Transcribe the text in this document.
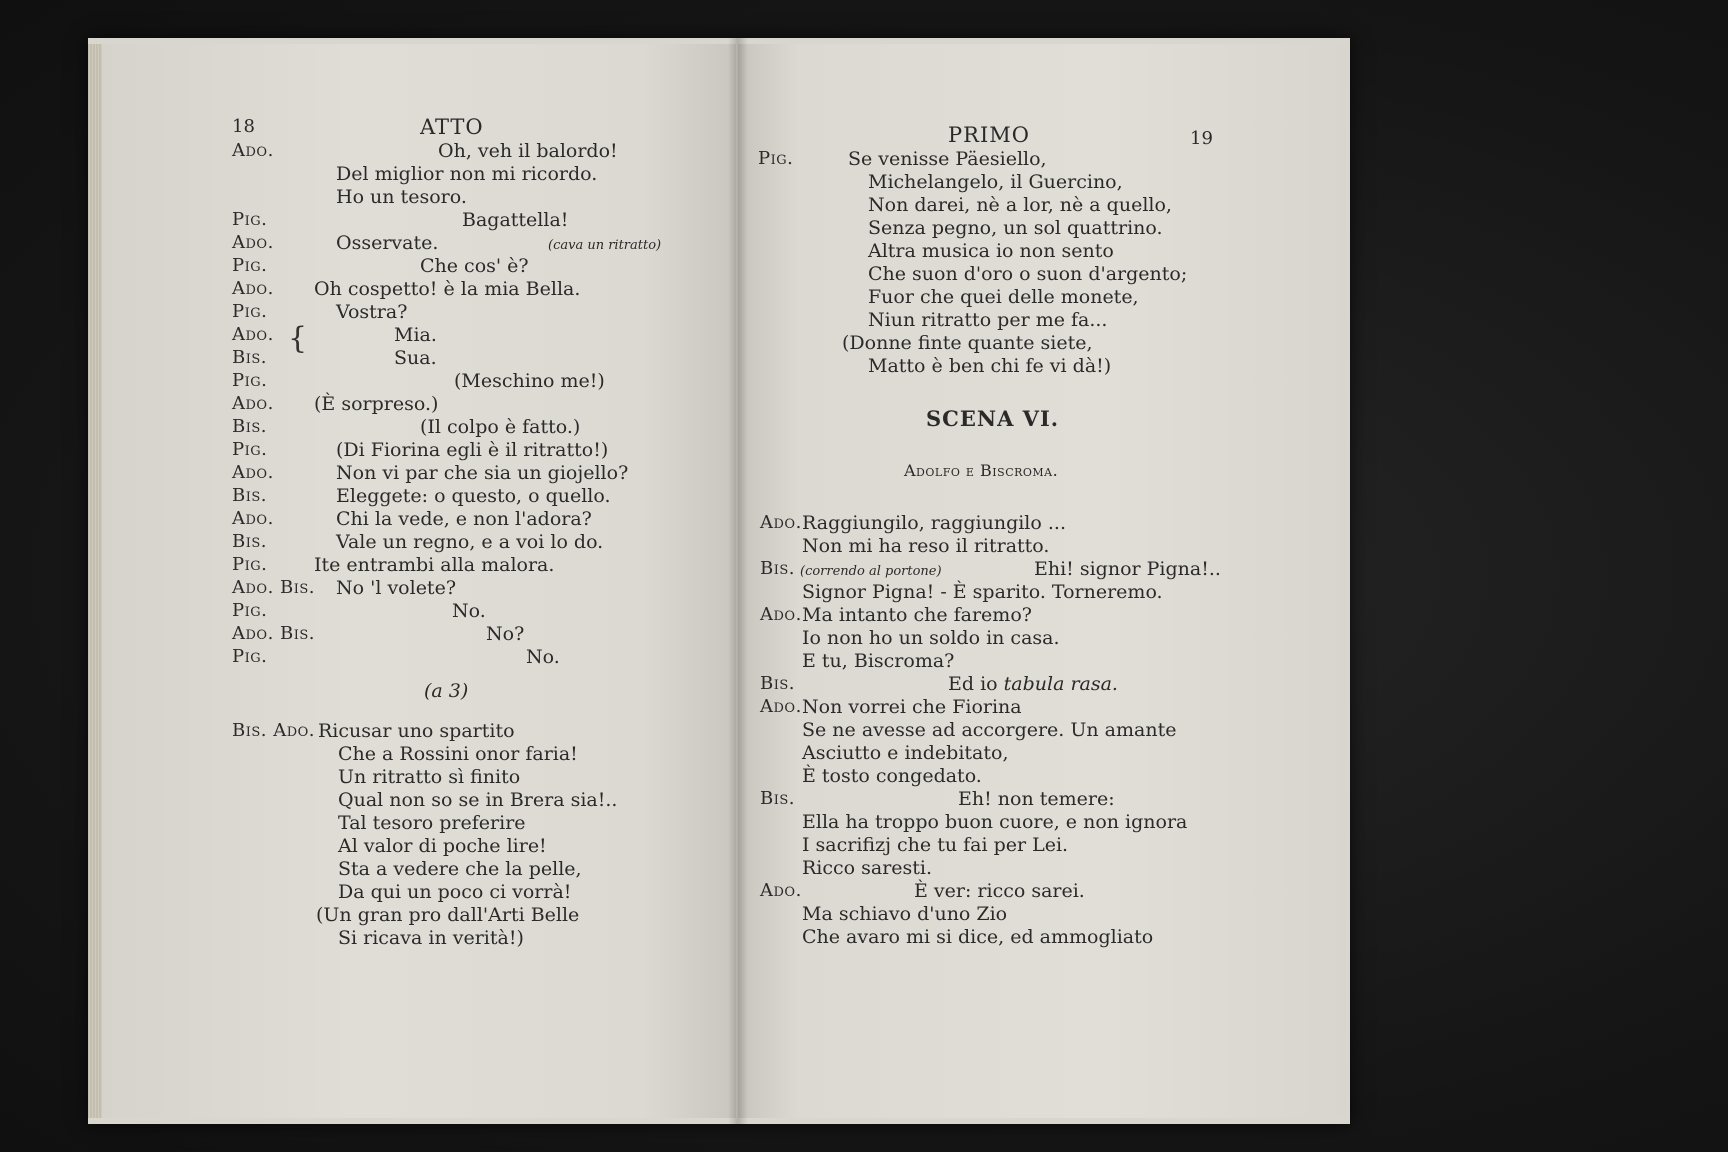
18	ATTO
Ado.	Oh, veh il balordo!
Del miglior non mi ricordo.
Ho un tesoro.
Pig.	Bagattella!
Ado.	Osservate.	(cava un ritratto)
Pig.	Che cos' è?
Ado. Oh cospetto! è la mia Bella.
Pig.	Vostra?
Ado. {	Mia.
Bis.	Sua.
Pig.	(Meschino me!)
Ado. (È sorpreso.)
Bis.	(Il colpo è fatto.)
Pig.	(Di Fiorina egli è il ritratto!)
Ado.	Non vi par che sia un giojello?
Bis.	Eleggete: o questo, o quello.
Ado.	Chi la vede, e non l'adora?
Bis.	Vale un regno, e a voi lo do.
Pig. Ite entrambi alla malora.
Ado. Bis. No 'l volete?
Pig.	No.
Ado. Bis.	No?
Pig.	No.
(a 3)
Bis. Ado. Ricusar uno spartito
Che a Rossini onor faria!
Un ritratto sì finito
Qual non so se in Brera sia!..
Tal tesoro preferire
Al valor di poche lire!
Sta a vedere che la pelle,
Da qui un poco ci vorrà!
(Un gran pro dall'Arti Belle
Si ricava in verità!)
PRIMO	19
Pig.	Se venisse Päesiello,
Michelangelo, il Guercino,
Non darei, nè a lor, nè a quello,
Senza pegno, un sol quattrino.
Altra musica io non sento
Che suon d'oro o suon d'argento;
Fuor che quei delle monete,
Niun ritratto per me fa...
(Donne finte quante siete,
Matto è ben chi fe vi dà!)
SCENA VI.
Adolfo e Biscroma.
Ado. Raggiungilo, raggiungilo ...
Non mi ha reso il ritratto.
Bis. (correndo al portone)	Ehi! signor Pigna!..
Signor Pigna! - È sparito. Torneremo.
Ado. Ma intanto che faremo?
Io non ho un soldo in casa.
E tu, Biscroma?
Bis.	Ed io tabula rasa.
Ado. Non vorrei che Fiorina
Se ne avesse ad accorgere. Un amante
Asciutto e indebitato,
È tosto congedato.
Bis.	Eh! non temere:
Ella ha troppo buon cuore, e non ignora
I sacrifizj che tu fai per Lei.
Ricco saresti.
Ado.	È ver: ricco sarei.
Ma schiavo d'uno Zio
Che avaro mi si dice, ed ammogliato
